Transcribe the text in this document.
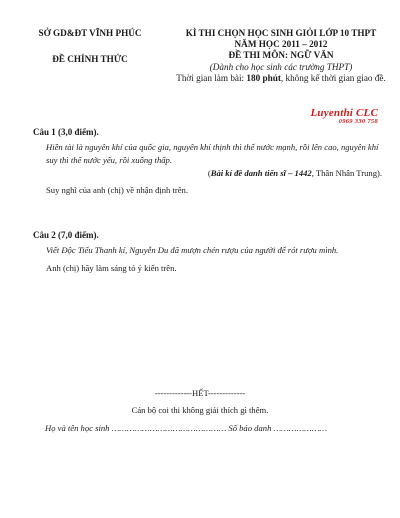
SỞ GD&ĐT VĨNH PHÚC
ĐỀ CHÍNH THỨC
KÌ THI CHỌN HỌC SINH GIỎI LỚP 10 THPT
NĂM HỌC 2011 – 2012
ĐỀ THI MÔN: NGỮ VĂN
(Dành cho học sinh các trường THPT)
Thời gian làm bài: 180 phút, không kể thời gian giao đề.
Luyenthi CLC
0969 330 758
Câu 1 (3,0 điểm).
Hiền tài là nguyên khí của quốc gia, nguyên khí thịnh thì thế nước mạnh, rồi lên cao, nguyên khí suy thì thế nước yếu, rồi xuống thấp.
(Bài kí đề danh tiến sĩ – 1442, Thân Nhân Trung).
Suy nghĩ của anh (chị) về nhận định trên.
Câu 2 (7,0 điểm).
Viết Độc Tiểu Thanh kí, Nguyễn Du đã mượn chén rượu của người để rót rượu mình.
Anh (chị) hãy làm sáng tỏ ý kiến trên.
-------------HẾT-------------
Cán bộ coi thi không giải thích gì thêm.
Họ và tên học sinh ……………………………………… Số báo danh …………………
